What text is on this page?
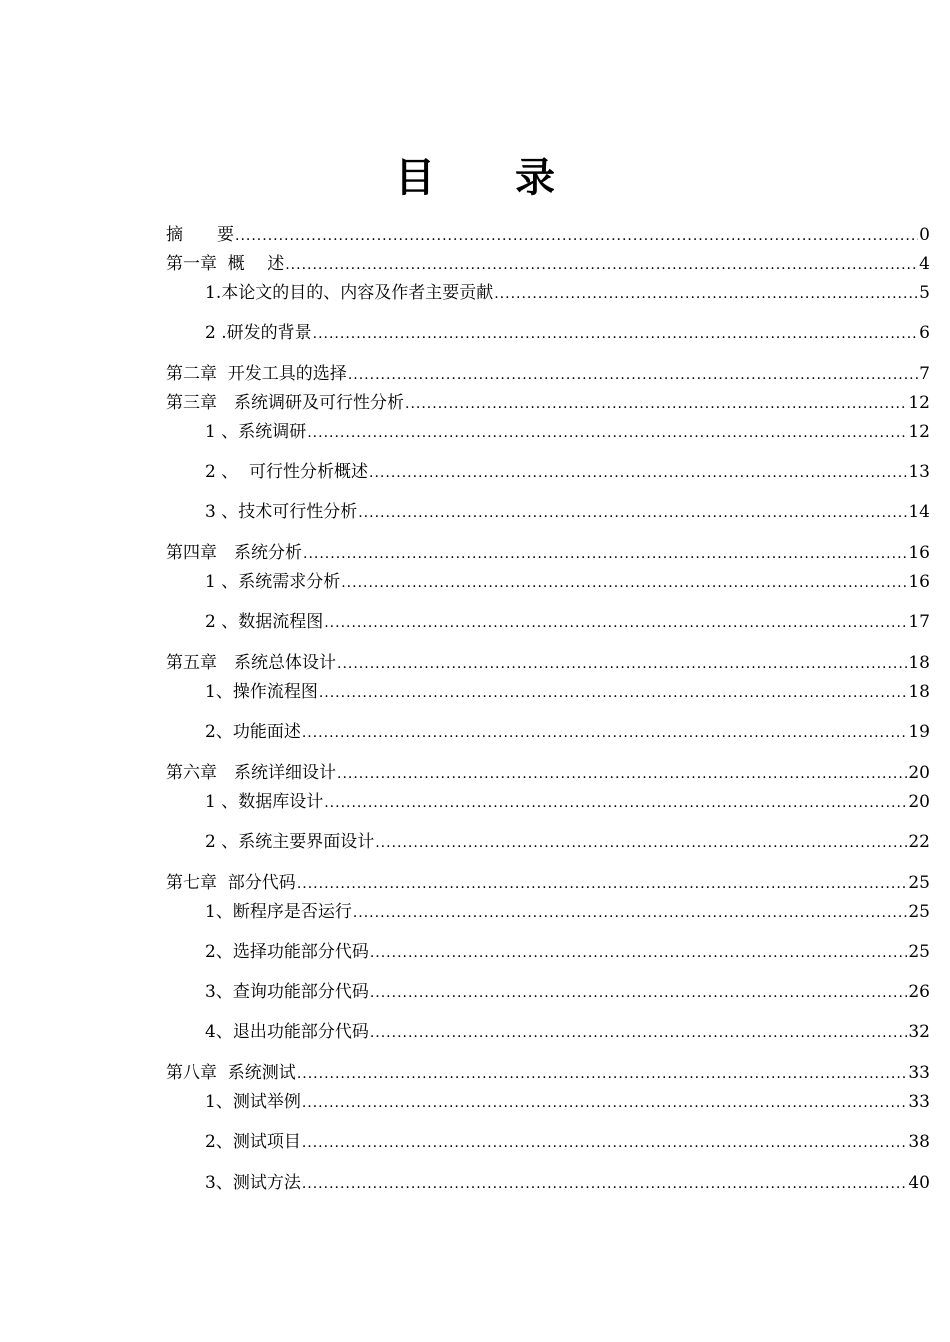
目 录
摘　　要 .....	0
第一章  概　 述 .....	4
1.本论文的目的、内容及作者主要贡献 .....	5
2 .研发的背景 .....	6
第二章  开发工具的选择 .....	7
第三章　系统调研及可行性分析 .....	12
1 、系统调研 .....	12
2 、  可行性分析概述 .....	13
3 、技术可行性分析 .....	14
第四章　系统分析 .....	16
1 、系统需求分析 .....	16
2 、数据流程图 .....	17
第五章　系统总体设计 .....	18
1、操作流程图 .....	18
2、功能面述 .....	19
第六章　系统详细设计 .....	20
1 、数据库设计 .....	20
2 、系统主要界面设计 .....	22
第七章  部分代码 .....	25
1、断程序是否运行 .....	25
2、选择功能部分代码 .....	25
3、查询功能部分代码 .....	26
4、退出功能部分代码 .....	32
第八章  系统测试 .....	33
1、测试举例 .....	33
2、测试项目 .....	38
3、测试方法 .....	40
